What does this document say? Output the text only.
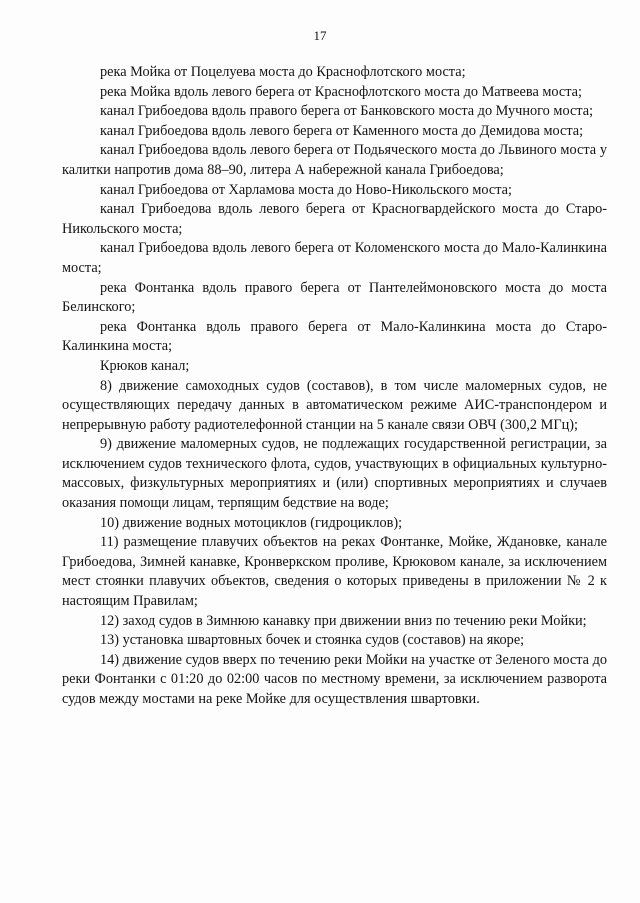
17

река Мойка от Поцелуева моста до Краснофлотского моста;

река Мойка вдоль левого берега от Краснофлотского моста до Матвеева моста;

канал Грибоедова вдоль правого берега от Банковского моста до Мучного моста;

канал Грибоедова вдоль левого берега от Каменного моста до Демидова моста;

канал Грибоедова вдоль левого берега от Подьяческого моста до Львиного моста у калитки напротив дома 88–90, литера А набережной канала Грибоедова;

канал Грибоедова от Харламова моста до Ново-Никольского моста;

канал Грибоедова вдоль левого берега от Красногвардейского моста до Старо-Никольского моста;

канал Грибоедова вдоль левого берега от Коломенского моста до Мало-Калинкина моста;

река Фонтанка вдоль правого берега от Пантелеймоновского моста до моста Белинского;

река Фонтанка вдоль правого берега от Мало-Калинкина моста до Старо-Калинкина моста;

Крюков канал;

8) движение самоходных судов (составов), в том числе маломерных судов, не осуществляющих передачу данных в автоматическом режиме АИС-транспондером и непрерывную работу радиотелефонной станции на 5 канале связи ОВЧ (300,2 МГц);

9) движение маломерных судов, не подлежащих государственной регистрации, за исключением судов технического флота, судов, участвующих в официальных культурно-массовых, физкультурных мероприятиях и (или) спортивных мероприятиях и случаев оказания помощи лицам, терпящим бедствие на воде;

10) движение водных мотоциклов (гидроциклов);

11) размещение плавучих объектов на реках Фонтанке, Мойке, Ждановке, канале Грибоедова, Зимней канавке, Кронверкском проливе, Крюковом канале, за исключением мест стоянки плавучих объектов, сведения о которых приведены в приложении № 2 к настоящим Правилам;

12) заход судов в Зимнюю канавку при движении вниз по течению реки Мойки;

13) установка швартовных бочек и стоянка судов (составов) на якоре;

14) движение судов вверх по течению реки Мойки на участке от Зеленого моста до реки Фонтанки с 01:20 до 02:00 часов по местному времени, за исключением разворота судов между мостами на реке Мойке для осуществления швартовки.
